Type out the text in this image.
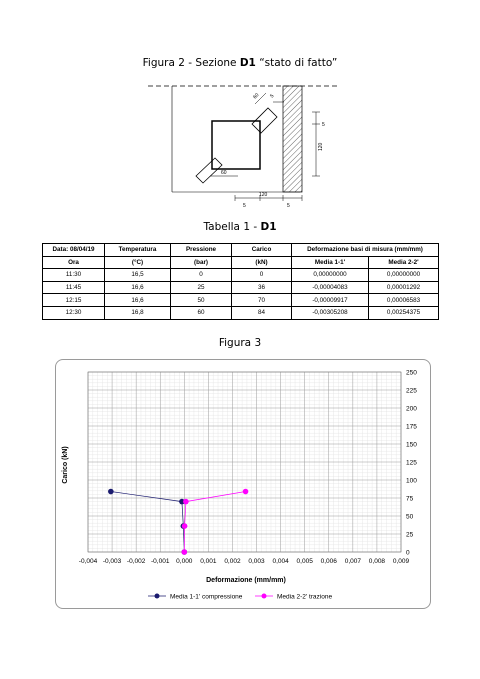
Figura 2 - Sezione D1 “stato di fatto”
60 5
5
120
60
120
5	5
Tabella 1 - D1
Data: 08/04/19	Temperatura	Pressione	Carico	Deformazione basi di misura (mm/mm)	
Ora	(°C)	(bar)	(kN)	Media 1-1'	Media 2-2'
11:30	16,5	0	0	0,00000000	0,00000000
11:45	16,6	25	36	-0,00004083	0,00001292
12:15	16,6	50	70	-0,00009917	0,00006583
12:30	16,8	60	84	-0,00305208	0,00254375
Figura 3
-0,004 -0,003 -0,002 -0,001 0,000 0,001 0,002 0,003 0,004 0,005 0,006 0,007 0,008 0,009
0
25
50
75
100
125
150
175
200
225
250
Carico (kN)
Deformazione (mm/mm)
Media 1-1' compressione	Media 2-2' trazione
